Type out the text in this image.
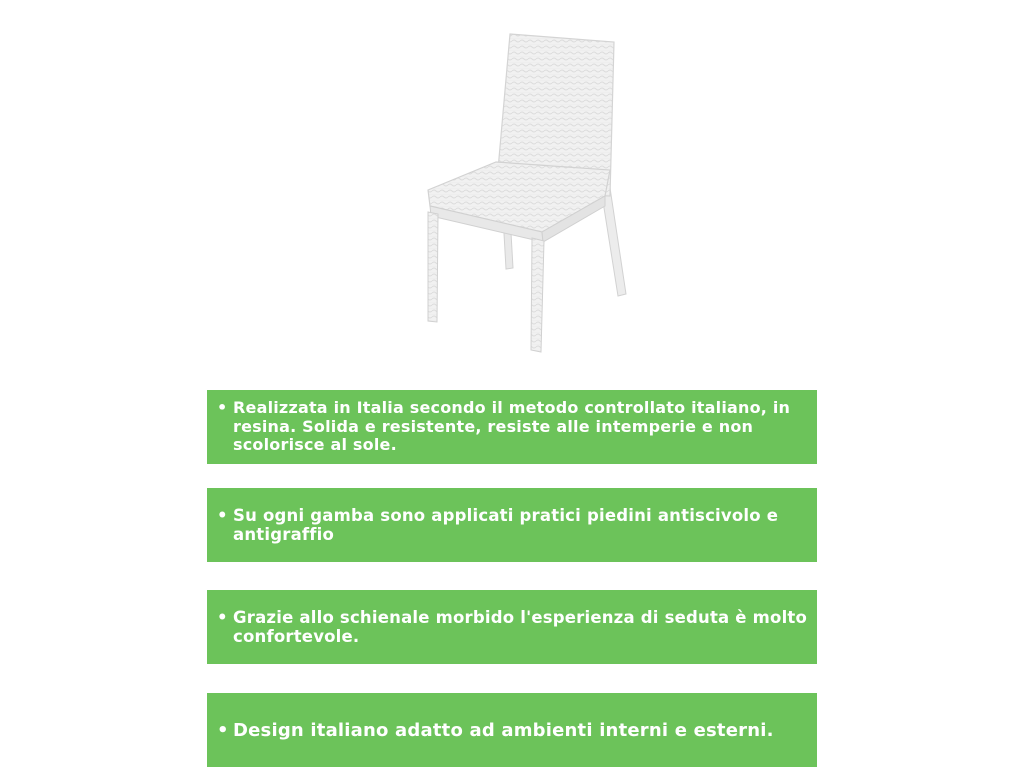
• Realizzata in Italia secondo il metodo controllato italiano, in resina. Solida e resistente, resiste alle intemperie e non scolorisce al sole.
• Su ogni gamba sono applicati pratici piedini antiscivolo e antigraffio
• Grazie allo schienale morbido l'esperienza di seduta è molto
confortevole.
• Design italiano adatto ad ambienti interni e esterni.
